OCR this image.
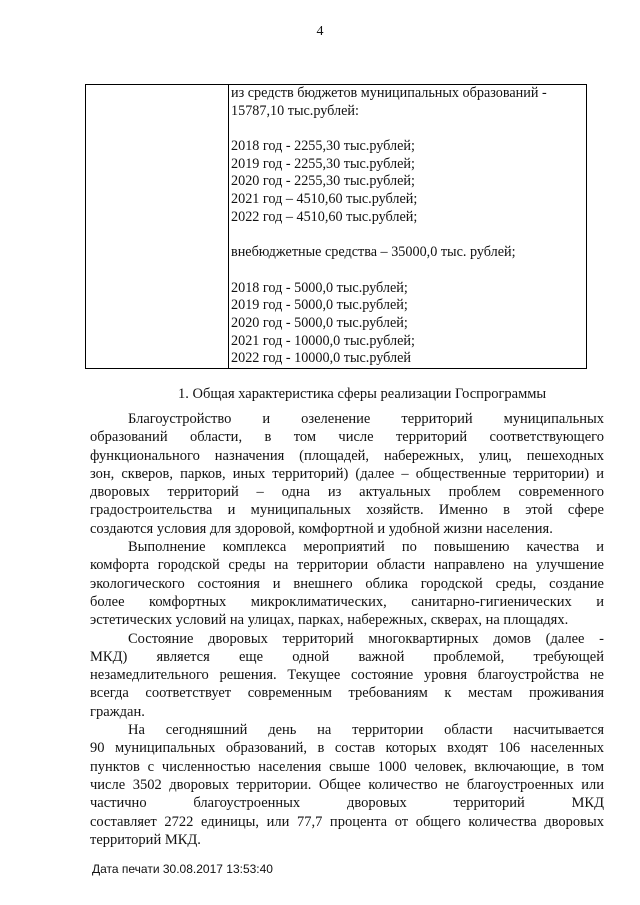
4

из средств бюджетов муниципальных образований -
15787,10 тыс.рублей:
2018 год - 2255,30 тыс.рублей;
2019 год - 2255,30 тыс.рублей;
2020 год - 2255,30 тыс.рублей;
2021 год – 4510,60 тыс.рублей;
2022 год – 4510,60 тыс.рублей;
внебюджетные средства – 35000,0 тыс. рублей;
2018 год - 5000,0 тыс.рублей;
2019 год - 5000,0 тыс.рублей;
2020 год - 5000,0 тыс.рублей;
2021 год - 10000,0 тыс.рублей;
2022 год - 10000,0 тыс.рублей
1. Общая характеристика сферы реализации Госпрограммы

Благоустройство и озеленение территорий муниципальных
образований области, в том числе территорий соответствующего
функционального назначения (площадей, набережных, улиц, пешеходных
зон, скверов, парков, иных территорий) (далее – общественные территории) и
дворовых территорий – одна из актуальных проблем современного
градостроительства и муниципальных хозяйств. Именно в этой сфере
создаются условия для здоровой, комфортной и удобной жизни населения.

Выполнение комплекса мероприятий по повышению качества и
комфорта городской среды на территории области направлено на улучшение
экологического состояния и внешнего облика городской среды, создание
более комфортных микроклиматических, санитарно-гигиенических и
эстетических условий на улицах, парках, набережных, скверах, на площадях.

Состояние дворовых территорий многоквартирных домов (далее -
МКД) является еще одной важной проблемой, требующей
незамедлительного решения. Текущее состояние уровня благоустройства не
всегда соответствует современным требованиям к местам проживания
граждан.

На сегодняшний день на территории области насчитывается
90 муниципальных образований, в состав которых входят 106 населенных
пунктов с численностью населения свыше 1000 человек, включающие, в том
числе 3502 дворовых территории. Общее количество не благоустроенных или
частично благоустроенных дворовых территорий МКД
составляет 2722 единицы, или 77,7 процента от общего количества дворовых
территорий МКД.

Дата печати 30.08.2017 13:53:40
